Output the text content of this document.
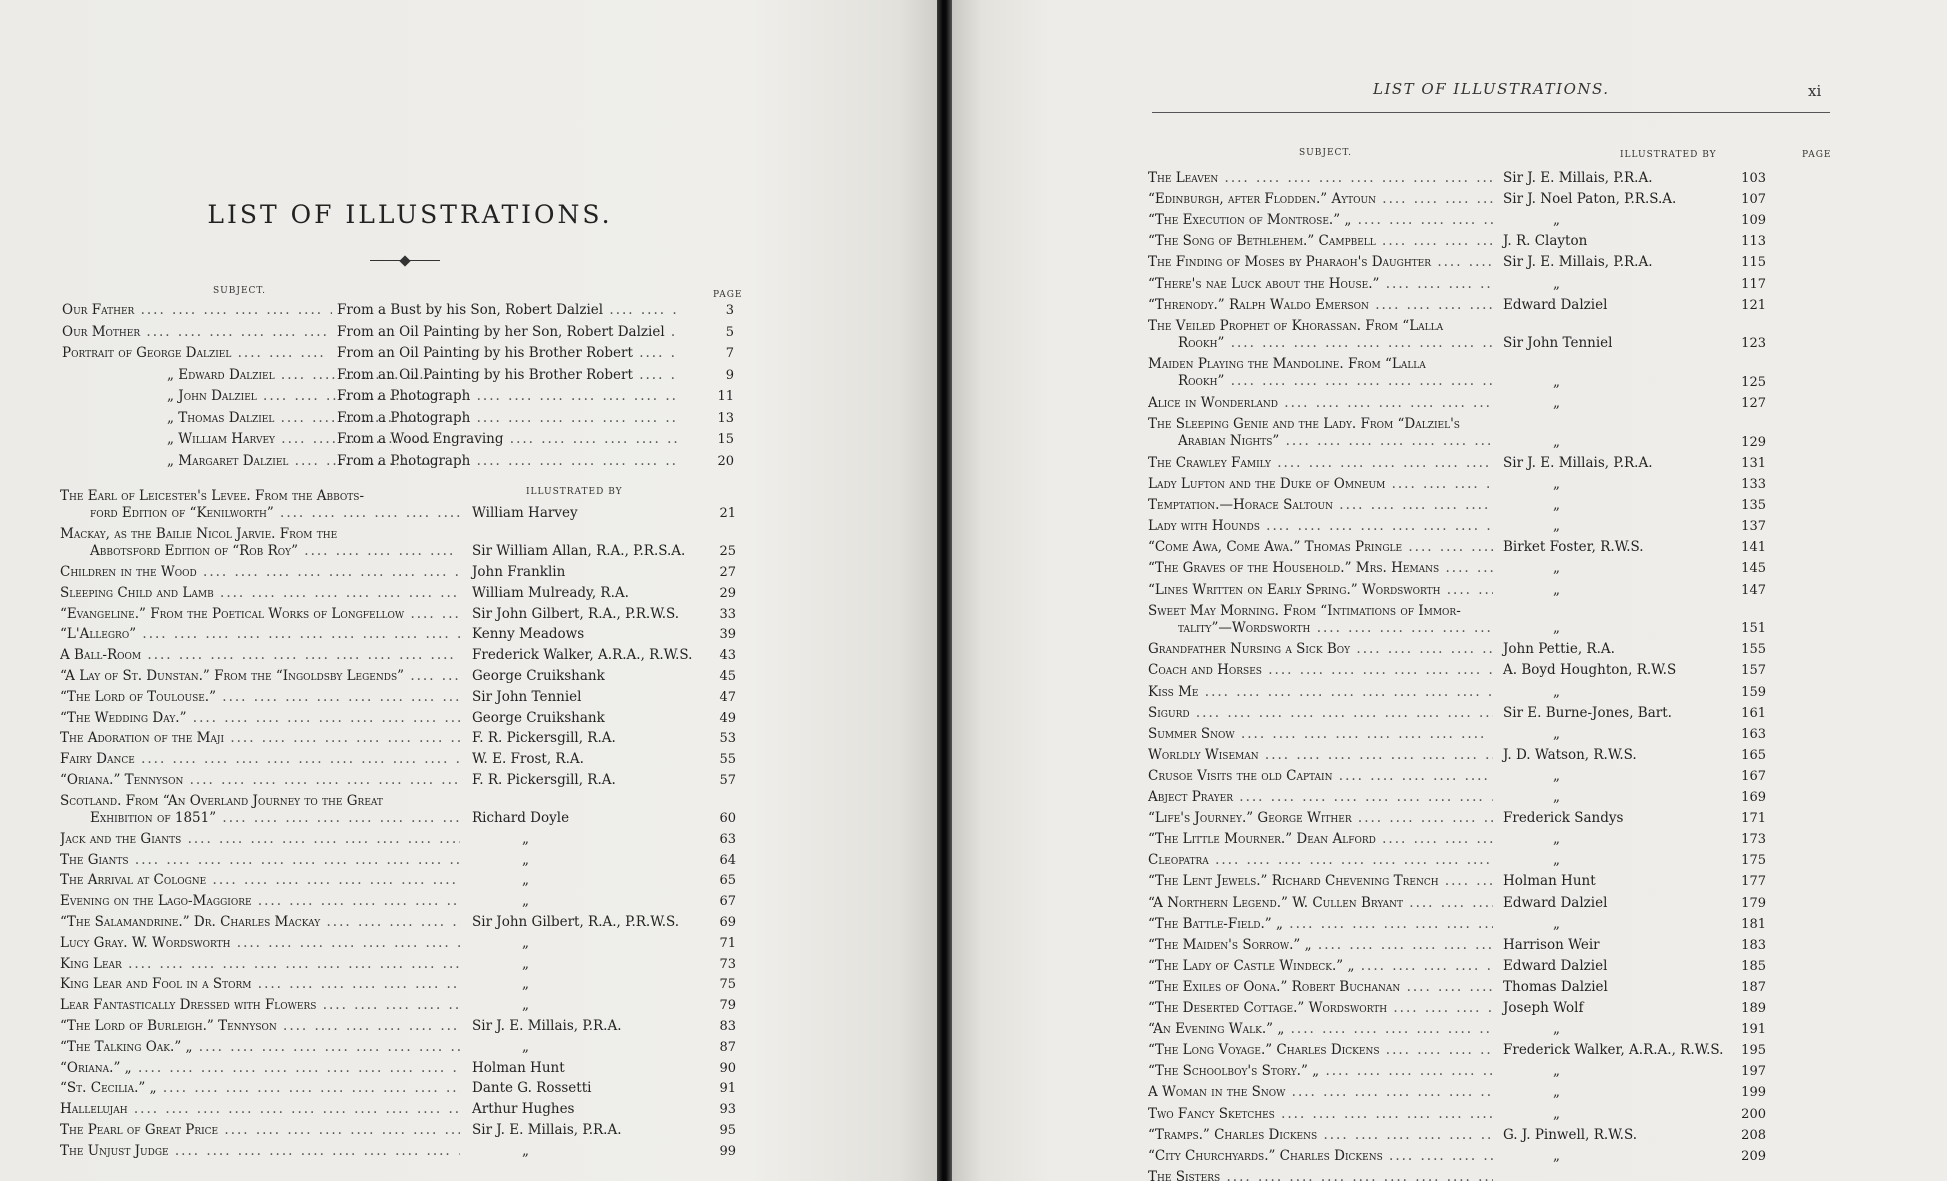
LIST OF ILLUSTRATIONS.
SUBJECT.	PAGE
Our Father ....	From a Bust by his Son, Robert Dalziel ....	3
Our Mother ....	From an Oil Painting by her Son, Robert Dalziel ....	5
Portrait of George Dalziel ....	From an Oil Painting by his Brother Robert ....	7
„ Edward Dalziel ....	From an Oil Painting by his Brother Robert ....	9
„ John Dalziel ....	From a Photograph ....	11
„ Thomas Dalziel ....	From a Photograph ....	13
„ William Harvey ....	From a Wood Engraving ....	15
„ Margaret Dalziel ....	From a Photograph ....	20
ILLUSTRATED BY
The Earl of Leicester's Levee. From the Abbots-
ford Edition of “Kenilworth” ....	William Harvey	21
Mackay, as the Bailie Nicol Jarvie. From the
Abbotsford Edition of “Rob Roy” ....	Sir William Allan, R.A., P.R.S.A.	25
Children in the Wood ....	John Franklin	27
Sleeping Child and Lamb ....	William Mulready, R.A.	29
“Evangeline.” From the Poetical Works of Longfellow ....	Sir John Gilbert, R.A., P.R.W.S.	33
“L'Allegro” ....	Kenny Meadows	39
A Ball-Room ....	Frederick Walker, A.R.A., R.W.S.	43
“A Lay of St. Dunstan.” From the “Ingoldsby Legends” ....	George Cruikshank	45
“The Lord of Toulouse.” ....	Sir John Tenniel	47
“The Wedding Day.” ....	George Cruikshank	49
The Adoration of the Maji ....	F. R. Pickersgill, R.A.	53
Fairy Dance ....	W. E. Frost, R.A.	55
“Oriana.” Tennyson ....	F. R. Pickersgill, R.A.	57
Scotland. From “An Overland Journey to the Great
Exhibition of 1851” ....	Richard Doyle	60
Jack and the Giants ....	„	63
The Giants ....	„	64
The Arrival at Cologne ....	„	65
Evening on the Lago-Maggiore ....	„	67
“The Salamandrine.” Dr. Charles Mackay ....	Sir John Gilbert, R.A., P.R.W.S.	69
Lucy Gray. W. Wordsworth ....	„	71
King Lear ....	„	73
King Lear and Fool in a Storm ....	„	75
Lear Fantastically Dressed with Flowers ....	„	79
“The Lord of Burleigh.” Tennyson ....	Sir J. E. Millais, P.R.A.	83
“The Talking Oak.” „ ....	„	87
“Oriana.” „ ....	Holman Hunt	90
“St. Cecilia.” „ ....	Dante G. Rossetti	91
Hallelujah ....	Arthur Hughes	93
The Pearl of Great Price ....	Sir J. E. Millais, P.R.A.	95
The Unjust Judge ....	„	99
The Leaven ....	Sir J. E. Millais, P.R.A.	103
“Edinburgh, after Flodden.” Aytoun ....	Sir J. Noel Paton, P.R.S.A.	107
“The Execution of Montrose.” „ ....	„	109
“The Song of Bethlehem.” Campbell ....	J. R. Clayton	113
The Finding of Moses by Pharaoh's Daughter ....	Sir J. E. Millais, P.R.A.	115
“There's nae Luck about the House.” ....	„	117
“Threnody.” Ralph Waldo Emerson ....	Edward Dalziel	121
The Veiled Prophet of Khorassan. From “Lalla
Rookh” ....	Sir John Tenniel	123
Maiden Playing the Mandoline. From “Lalla
Rookh” ....	„	125
Alice in Wonderland ....	„	127
The Sleeping Genie and the Lady. From “Dalziel's
Arabian Nights” ....	„	129
The Crawley Family ....	Sir J. E. Millais, P.R.A.	131
Lady Lufton and the Duke of Omneum ....	„	133
Temptation.—Horace Saltoun ....	„	135
Lady with Hounds ....	„	137
“Come Awa, Come Awa.” Thomas Pringle ....	Birket Foster, R.W.S.	141
“The Graves of the Household.” Mrs. Hemans ....	„	145
“Lines Written on Early Spring.” Wordsworth ....	„	147
Sweet May Morning. From “Intimations of Immor-
tality”—Wordsworth ....	„	151
Grandfather Nursing a Sick Boy ....	John Pettie, R.A.	155
Coach and Horses ....	A. Boyd Houghton, R.W.S	157
Kiss Me ....	„	159
Sigurd ....	Sir E. Burne-Jones, Bart.	161
Summer Snow ....	„	163
Worldly Wiseman ....	J. D. Watson, R.W.S.	165
Crusoe Visits the old Captain ....	„	167
Abject Prayer ....	„	169
“Life's Journey.” George Wither ....	Frederick Sandys	171
“The Little Mourner.” Dean Alford ....	„	173
Cleopatra ....	„	175
“The Lent Jewels.” Richard Chevening Trench ....	Holman Hunt	177
“A Northern Legend.” W. Cullen Bryant ....	Edward Dalziel	179
“The Battle-Field.” „ ....	„	181
“The Maiden's Sorrow.” „ ....	Harrison Weir	183
“The Lady of Castle Windeck.” „ ....	Edward Dalziel	185
“The Exiles of Oona.” Robert Buchanan ....	Thomas Dalziel	187
“The Deserted Cottage.” Wordsworth ....	Joseph Wolf	189
“An Evening Walk.” „ ....	„	191
“The Long Voyage.” Charles Dickens ....	Frederick Walker, A.R.A., R.W.S.	195
“The Schoolboy's Story.” „ ....	„	197
A Woman in the Snow ....	„	199
Two Fancy Sketches ....	„	200
“Tramps.” Charles Dickens ....	G. J. Pinwell, R.W.S.	208
“City Churchyards.” Charles Dickens ....	„	209
The Sisters ....
LIST OF ILLUSTRATIONS.	xi
SUBJECT.	ILLUSTRATED BY	PAGE
